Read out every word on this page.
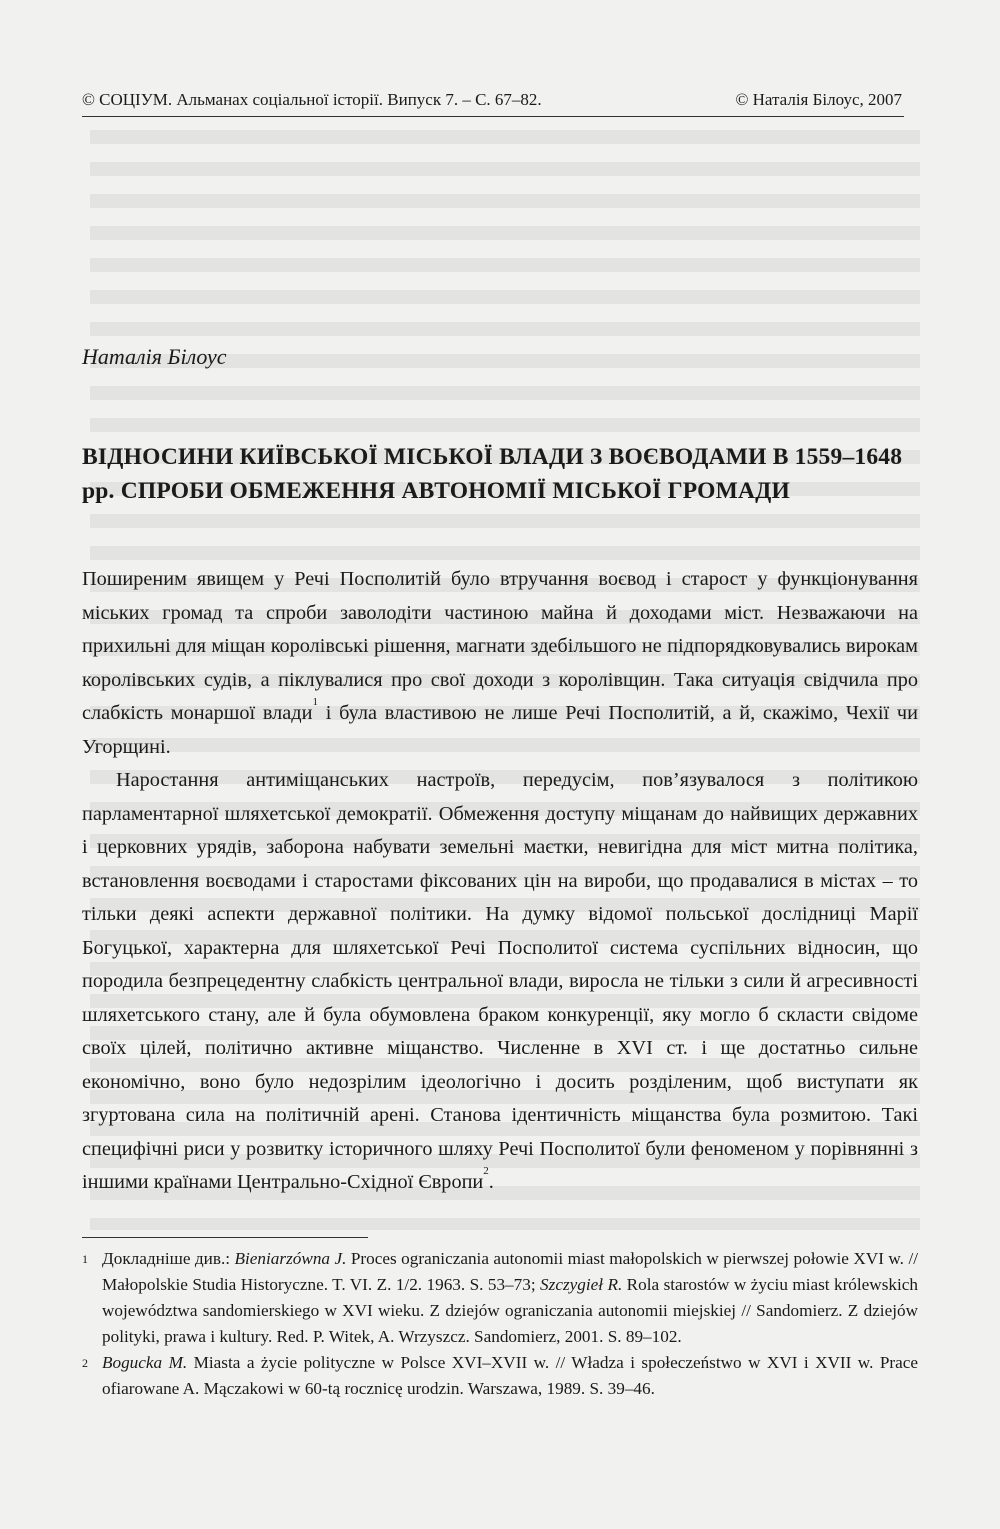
© СОЦІУМ. Альманах соціальної історії. Випуск 7. – С. 67–82.	© Наталія Білоус, 2007
Наталія Білоус
ВІДНОСИНИ КИЇВСЬКОЇ МІСЬКОЇ ВЛАДИ З ВОЄВОДАМИ В 1559–1648 рр. СПРОБИ ОБМЕЖЕННЯ АВТОНОМІЇ МІСЬКОЇ ГРОМАДИ

Поширеним явищем у Речі Посполитій було втручання воєвод і старост у функціонування міських громад та спроби заволодіти частиною майна й доходами міст. Незважаючи на прихильні для міщан королівські рішення, магнати здебільшого не підпорядковувались вирокам королівських судів, а піклувалися про свої доходи з королівщин. Така ситуація свідчила про слабкість монаршої влади$^1$ і була властивою не лише Речі Посполитій, а й, скажімо, Чехії чи Угорщині.

Наростання антиміщанських настроїв, передусім, пов’язувалося з політикою парламентарної шляхетської демократії. Обмеження доступу міщанам до найвищих державних і церковних урядів, заборона набувати земельні маєтки, невигідна для міст митна політика, встановлення воєводами і старостами фіксованих цін на вироби, що продавалися в містах – то тільки деякі аспекти державної політики. На думку відомої польської дослідниці Марії Богуцької, характерна для шляхетської Речі Посполитої система суспільних відносин, що породила безпрецедентну слабкість центральної влади, виросла не тільки з сили й агресивності шляхетського стану, але й була обумовлена браком конкуренції, яку могло б скласти свідоме своїх цілей, політично активне міщанство. Численне в XVI ст. і ще достатньо сильне економічно, воно було недозрілим ідеологічно і досить розділеним, щоб виступати як згуртована сила на політичній арені. Станова ідентичність міщанства була розмитою. Такі специфічні риси у розвитку історичного шляху Речі Посполитої були феноменом у порівнянні з іншими країнами Центрально-Східної Європи$^2$.

1 Докладніше див.: Bieniarzówna J. Proces ograniczania autonomii miast małopolskich w pierwszej połowie XVI w. // Małopolskie Studia Historyczne. T. VI. Z. 1/2. 1963. S. 53–73; Szczygieł R. Rola starostów w życiu miast królewskich województwa sandomierskiego w XVI wieku. Z dziejów ograniczania autonomii miejskiej // Sandomierz. Z dziejów polityki, prawa i kultury. Red. P. Witek, A. Wrzyszcz. Sandomierz, 2001. S. 89–102.

2 Bogucka M. Miasta a życie polityczne w Polsce XVI–XVII w. // Władza i społeczeństwo w XVI i XVII w. Prace ofiarowane A. Mączakowi w 60-tą rocznicę urodzin. Warszawa, 1989. S. 39–46.
